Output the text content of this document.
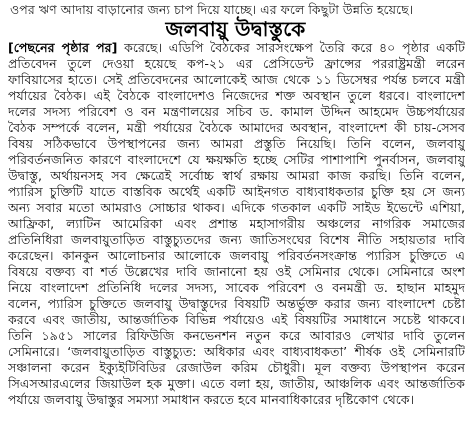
ওপর ঋণ আদায় বাড়ানোর জন্য চাপ দিয়ে যাচ্ছে। এর ফলে কিছুটা উন্নতি হয়েছে।
জলবায়ু উদ্বাস্তুকে
[পেছনের পৃষ্ঠার পর] করেছে। এডিপি বৈঠকের সারসংক্ষেপ তৈরি করে ৪০ পৃষ্ঠার একটি
প্রতিবেদন তুলে দেওয়া হয়েছে কপ-২১ এর প্রেসিডেন্ট ফ্রান্সের পররাষ্ট্রমন্ত্রী লরেন
ফাবিয়াসের হাতে। সেই প্রতিবেদনের আলোকেই আজ থেকে ১১ ডিসেম্বর পর্যন্ত চলবে মন্ত্রী
পর্যায়ের বৈঠক। এই বৈঠকে বাংলাদেশও নিজেদের শক্ত অবস্থান তুলে ধরবে। বাংলাদেশ
দলের সদস্য পরিবেশ ও বন মন্ত্রণালয়ের সচিব ড. কামাল উদ্দিন আহমেদ উচ্চপর্যায়ের
বৈঠক সম্পর্কে বলেন, মন্ত্রী পর্যায়ের বৈঠকে আমাদের অবস্থান, বাংলাদেশ কী চায়-সেসব
বিষয় সঠিকভাবে উপস্থাপনের জন্য আমরা প্রস্তুতি নিয়েছি। তিনি বলেন, জলবায়ু
পরিবর্তনজনিত কারণে বাংলাদেশে যে ক্ষয়ক্ষতি হচ্ছে সেটির পাশাপাশি পুনর্বাসন, জলবায়ু
উদ্বাস্তু, অর্থায়নসহ সব ক্ষেত্রেই সর্বোচ্চ স্বার্থ রক্ষায় আমরা কাজ করছি। তিনি বলেন,
প্যারিস চুক্তিটি যাতে বাস্তবিক অর্থেই একটি আইনগত বাধ্যবাধকতার চুক্তি হয় সে জন্য
অন্য সবার মতো আমরাও সোচ্চার থাকব। এদিকে গতকাল একটি সাইড ইভেন্টে এশিয়া,
আফ্রিকা, ল্যাটিন আমেরিকা এবং প্রশান্ত মহাসাগরীয় অঞ্চলের নাগরিক সমাজের
প্রতিনিধিরা জলবায়ুতাড়িত বাস্তুচ্যুতদের জন্য জাতিসংঘের বিশেষ নীতি সহায়তার দাবি
করেছেন। কানকুন আলোচনার আলোকে জলবায়ু পরিবর্তনসংক্রান্ত প্যারিস চুক্তিতে এ
বিষয়ে বক্তব্য বা শর্ত উল্লেখের দাবি জানানো হয় ওই সেমিনার থেকে। সেমিনারে অংশ
নিয়ে বাংলাদেশ প্রতিনিধি দলের সদস্য, সাবেক পরিবেশ ও বনমন্ত্রী ড. হাছান মাহমুদ
বলেন, প্যারিস চুক্তিতে জলবায়ু উদ্বাস্তুদের বিষয়টি অন্তর্ভুক্ত করার জন্য বাংলাদেশ চেষ্টা
করবে এবং জাতীয়, আন্তর্জাতিক বিভিন্ন পর্যায়েও এই বিষয়টির সমাধানে সচেষ্ট থাকবে।
তিনি ১৯৫১ সালের রিফিউজি কনভেনশন নতুন করে আবারও লেখার দাবি তুলেন
সেমিনারে। ‘জলবায়ুতাড়িত বাস্তুচ্যুত: অধিকার এবং বাধ্যবাধকতা’ শীর্ষক ওই সেমিনারটি
সঞ্চালনা করেন ইক্যুইটিবিডির রেজাউল করিম চৌধুরী। মূল বক্তব্য উপস্থাপন করেন
সিএসআরএলের জিয়াউল হক মুক্তা। এতে বলা হয়, জাতীয়, আঞ্চলিক এবং আন্তর্জাতিক
পর্যায়ে জলবায়ু উদ্বাস্তুর সমস্যা সমাধান করতে হবে মানবাধিকারের দৃষ্টিকোণ থেকে।
